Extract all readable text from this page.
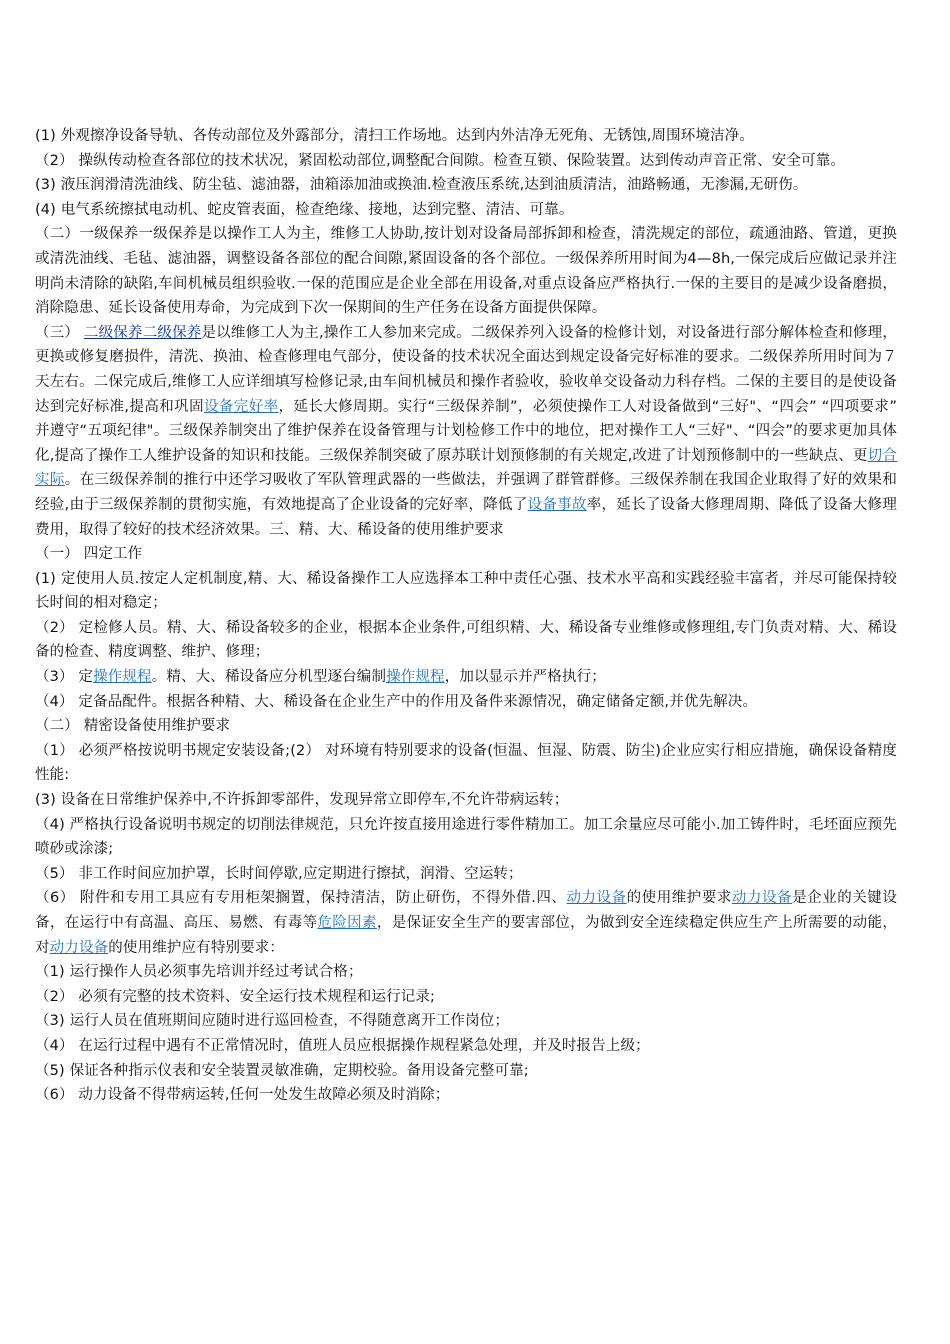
(1) 外观擦净设备导轨、各传动部位及外露部分，清扫工作场地。达到内外洁净无死角、无锈蚀,周围环境洁净。

（2） 操纵传动检查各部位的技术状况，紧固松动部位,调整配合间隙。检查互锁、保险装置。达到传动声音正常、安全可靠。

(3) 液压润滑清洗油线、防尘毡、滤油器，油箱添加油或换油.检查液压系统,达到油质清洁，油路畅通，无渗漏,无研伤。

(4) 电气系统擦拭电动机、蛇皮管表面，检查绝缘、接地，达到完整、清洁、可靠。

（二）一级保养一级保养是以操作工人为主，维修工人协助,按计划对设备局部拆卸和检查，清洗规定的部位，疏通油路、管道，更换或清洗油线、毛毡、滤油器，调整设备各部位的配合间隙,紧固设备的各个部位。一级保养所用时间为4—8h,一保完成后应做记录并注明尚未清除的缺陷,车间机械员组织验收.一保的范围应是企业全部在用设备,对重点设备应严格执行.一保的主要目的是减少设备磨损，消除隐患、延长设备使用寿命，为完成到下次一保期间的生产任务在设备方面提供保障。

（三） 二级保养二级保养是以维修工人为主,操作工人参加来完成。二级保养列入设备的检修计划，对设备进行部分解体检查和修理，更换或修复磨损件，清洗、换油、检查修理电气部分，使设备的技术状况全面达到规定设备完好标准的要求。二级保养所用时间为７天左右。二保完成后,维修工人应详细填写检修记录,由车间机械员和操作者验收，验收单交设备动力科存档。二保的主要目的是使设备达到完好标准,提高和巩固设备完好率，延长大修周期。实行“三级保养制”，必须使操作工人对设备做到“三好"、“四会” “四项要求” 并遵守“五项纪律"。三级保养制突出了维护保养在设备管理与计划检修工作中的地位，把对操作工人“三好"、“四会”的要求更加具体化,提高了操作工人维护设备的知识和技能。三级保养制突破了原苏联计划预修制的有关规定,改进了计划预修制中的一些缺点、更切合实际。在三级保养制的推行中还学习吸收了军队管理武器的一些做法，并强调了群管群修。三级保养制在我国企业取得了好的效果和经验,由于三级保养制的贯彻实施，有效地提高了企业设备的完好率，降低了设备事故率，延长了设备大修理周期、降低了设备大修理费用，取得了较好的技术经济效果。三、精、大、稀设备的使用维护要求

（一） 四定工作

(1) 定使用人员.按定人定机制度,精、大、稀设备操作工人应选择本工种中责任心强、技术水平高和实践经验丰富者，并尽可能保持较长时间的相对稳定；

（2） 定检修人员。精、大、稀设备较多的企业，根据本企业条件,可组织精、大、稀设备专业维修或修理组,专门负责对精、大、稀设备的检查、精度调整、维护、修理；

（3） 定操作规程。精、大、稀设备应分机型逐台编制操作规程，加以显示并严格执行；

（4） 定备品配件。根据各种精、大、稀设备在企业生产中的作用及备件来源情况，确定储备定额,并优先解决。

（二） 精密设备使用维护要求

（1） 必须严格按说明书规定安装设备;(2） 对环境有特别要求的设备(恒温、恒湿、防震、防尘)企业应实行相应措施，确保设备精度性能:

(3) 设备在日常维护保养中,不许拆卸零部件，发现异常立即停车,不允许带病运转；

（4) 严格执行设备说明书规定的切削法律规范，只允许按直接用途进行零件精加工。加工余量应尽可能小.加工铸件时，毛坯面应预先喷砂或涂漆;

（5） 非工作时间应加护罩，长时间停歇,应定期进行擦拭，润滑、空运转；

（6） 附件和专用工具应有专用柜架搁置，保持清洁，防止研伤，不得外借.四、动力设备的使用维护要求动力设备是企业的关键设备，在运行中有高温、高压、易燃、有毒等危险因素，是保证安全生产的要害部位，为做到安全连续稳定供应生产上所需要的动能，对动力设备的使用维护应有特别要求：

（1) 运行操作人员必须事先培训并经过考试合格；

（2） 必须有完整的技术资料、安全运行技术规程和运行记录;

（3) 运行人员在值班期间应随时进行巡回检查，不得随意离开工作岗位；

（4） 在运行过程中遇有不正常情况时，值班人员应根据操作规程紧急处理，并及时报告上级；

（5) 保证各种指示仪表和安全装置灵敏准确，定期校验。备用设备完整可靠;

（6） 动力设备不得带病运转,任何一处发生故障必须及时消除；
